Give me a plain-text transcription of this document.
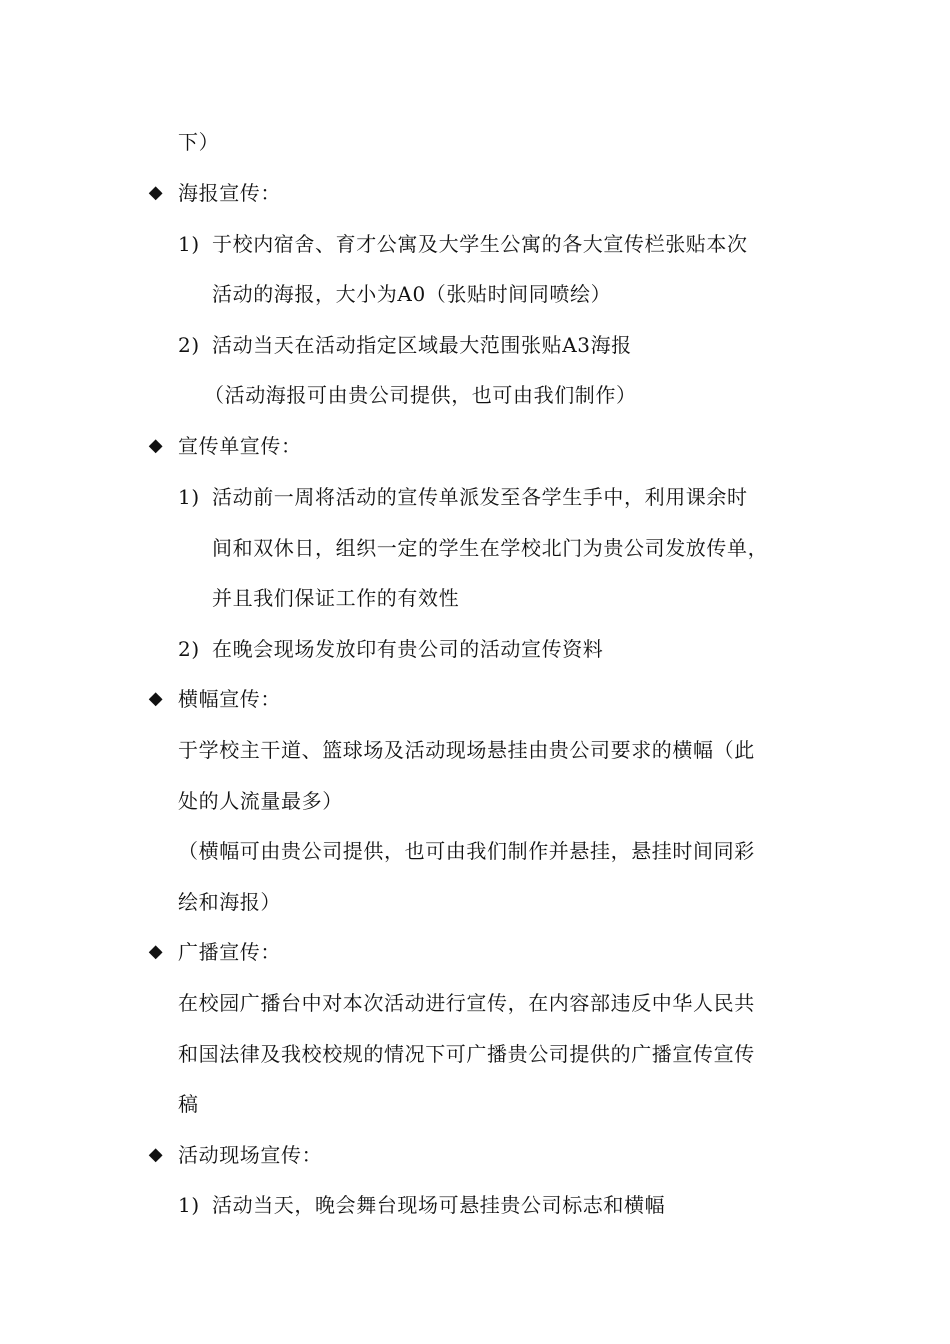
下）
◆ 海报宣传：
1) 于校内宿舍、育才公寓及大学生公寓的各大宣传栏张贴本次
活动的海报，大小为A0（张贴时间同喷绘）
2) 活动当天在活动指定区域最大范围张贴A3海报
（活动海报可由贵公司提供，也可由我们制作）
◆ 宣传单宣传：
1) 活动前一周将活动的宣传单派发至各学生手中，利用课余时
间和双休日，组织一定的学生在学校北门为贵公司发放传单，
并且我们保证工作的有效性
2) 在晚会现场发放印有贵公司的活动宣传资料
◆ 横幅宣传：
于学校主干道、篮球场及活动现场悬挂由贵公司要求的横幅（此
处的人流量最多）
（横幅可由贵公司提供，也可由我们制作并悬挂，悬挂时间同彩
绘和海报）
◆ 广播宣传：
在校园广播台中对本次活动进行宣传，在内容部违反中华人民共
和国法律及我校校规的情况下可广播贵公司提供的广播宣传宣传
稿
◆ 活动现场宣传：
1) 活动当天，晚会舞台现场可悬挂贵公司标志和横幅
